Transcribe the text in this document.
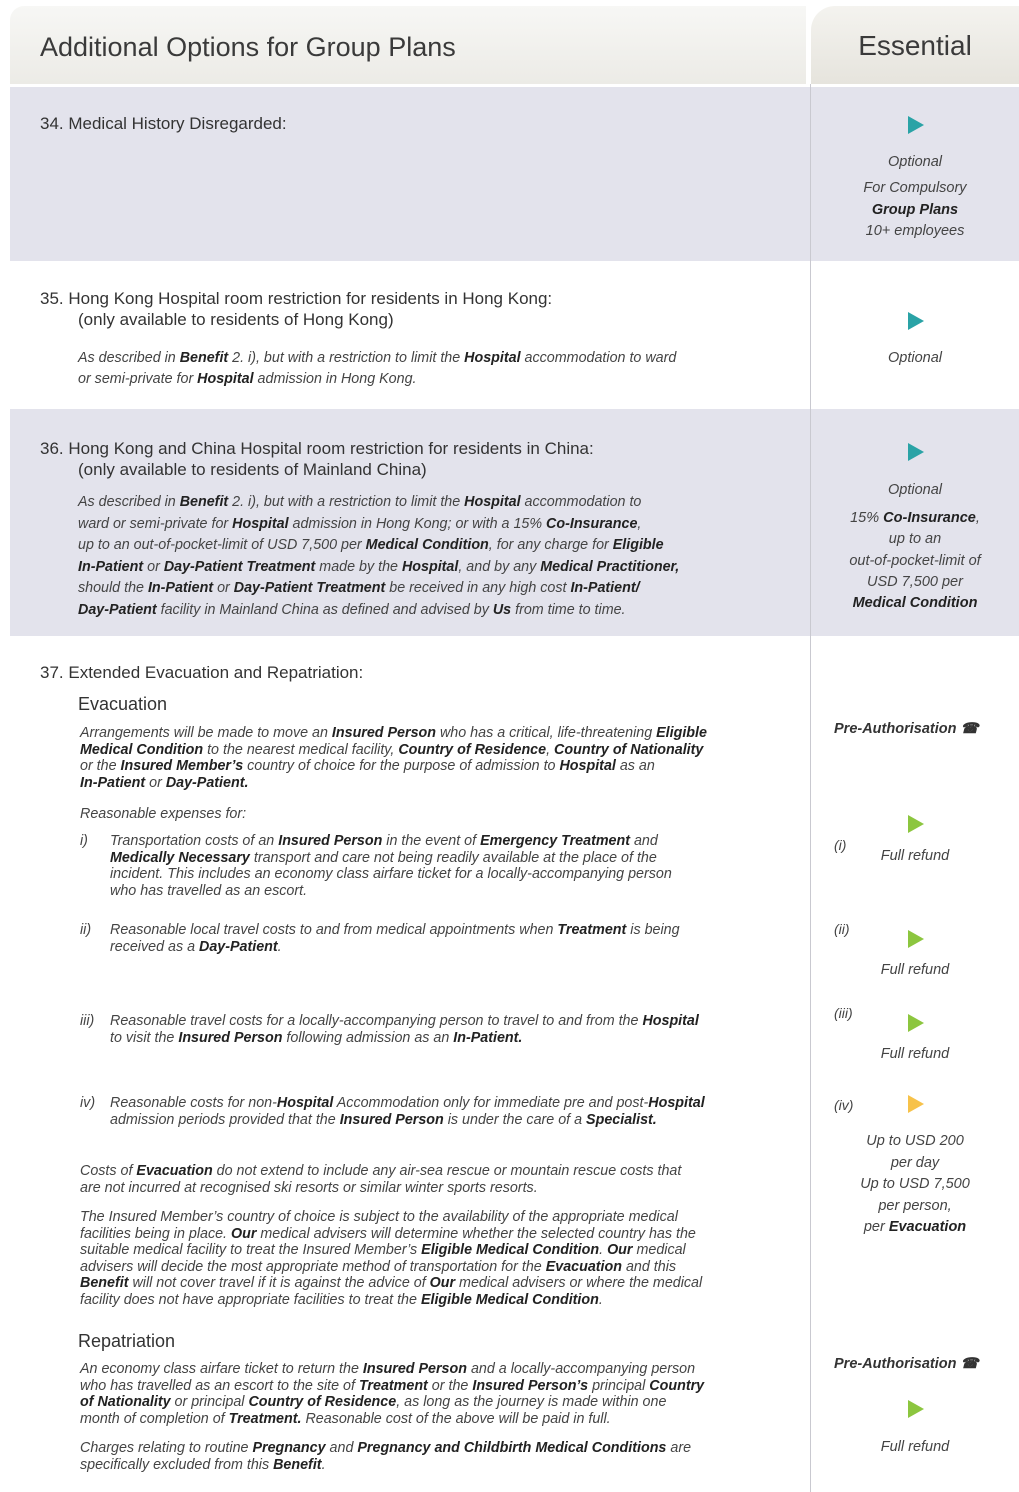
Additional Options for Group Plans	Essential
34. Medical History Disregarded:
Optional
For Compulsory
Group Plans
10+ employees
35. Hong Kong Hospital room restriction for residents in Hong Kong:
(only available to residents of Hong Kong)
As described in Benefit 2. i), but with a restriction to limit the Hospital accommodation to ward
or semi-private for Hospital admission in Hong Kong.
Optional
36. Hong Kong and China Hospital room restriction for residents in China:
(only available to residents of Mainland China)
As described in Benefit 2. i), but with a restriction to limit the Hospital accommodation to
ward or semi-private for Hospital admission in Hong Kong; or with a 15% Co-Insurance,
up to an out-of-pocket-limit of USD 7,500 per Medical Condition, for any charge for Eligible
In-Patient or Day-Patient Treatment made by the Hospital, and by any Medical Practitioner,
should the In-Patient or Day-Patient Treatment be received in any high cost In-Patient/
Day-Patient facility in Mainland China as defined and advised by Us from time to time.
Optional
15% Co-Insurance,
up to an
out-of-pocket-limit of
USD 7,500 per
Medical Condition
37. Extended Evacuation and Repatriation:
Evacuation
Arrangements will be made to move an Insured Person who has a critical, life-threatening Eligible
Medical Condition to the nearest medical facility, Country of Residence, Country of Nationality
or the Insured Member’s country of choice for the purpose of admission to Hospital as an
In-Patient or Day-Patient.
Pre-Authorisation ☎
Reasonable expenses for:
i) Transportation costs of an Insured Person in the event of Emergency Treatment and
Medically Necessary transport and care not being readily available at the place of the
incident. This includes an economy class airfare ticket for a locally-accompanying person
who has travelled as an escort.
ii) Reasonable local travel costs to and from medical appointments when Treatment is being
received as a Day-Patient.
iii) Reasonable travel costs for a locally-accompanying person to travel to and from the Hospital
to visit the Insured Person following admission as an In-Patient.
iv) Reasonable costs for non-Hospital Accommodation only for immediate pre and post-Hospital
admission periods provided that the Insured Person is under the care of a Specialist.
(i)
Full refund
(ii)
Full refund
(iii)
Full refund
(iv)
Up to USD 200
per day
Up to USD 7,500
per person,
per Evacuation
Costs of Evacuation do not extend to include any air-sea rescue or mountain rescue costs that
are not incurred at recognised ski resorts or similar winter sports resorts.
The Insured Member’s country of choice is subject to the availability of the appropriate medical
facilities being in place. Our medical advisers will determine whether the selected country has the
suitable medical facility to treat the Insured Member’s Eligible Medical Condition. Our medical
advisers will decide the most appropriate method of transportation for the Evacuation and this
Benefit will not cover travel if it is against the advice of Our medical advisers or where the medical
facility does not have appropriate facilities to treat the Eligible Medical Condition.
Repatriation
An economy class airfare ticket to return the Insured Person and a locally-accompanying person
who has travelled as an escort to the site of Treatment or the Insured Person’s principal Country
of Nationality or principal Country of Residence, as long as the journey is made within one
month of completion of Treatment. Reasonable cost of the above will be paid in full.
Charges relating to routine Pregnancy and Pregnancy and Childbirth Medical Conditions are
specifically excluded from this Benefit.
Pre-Authorisation ☎
Full refund
